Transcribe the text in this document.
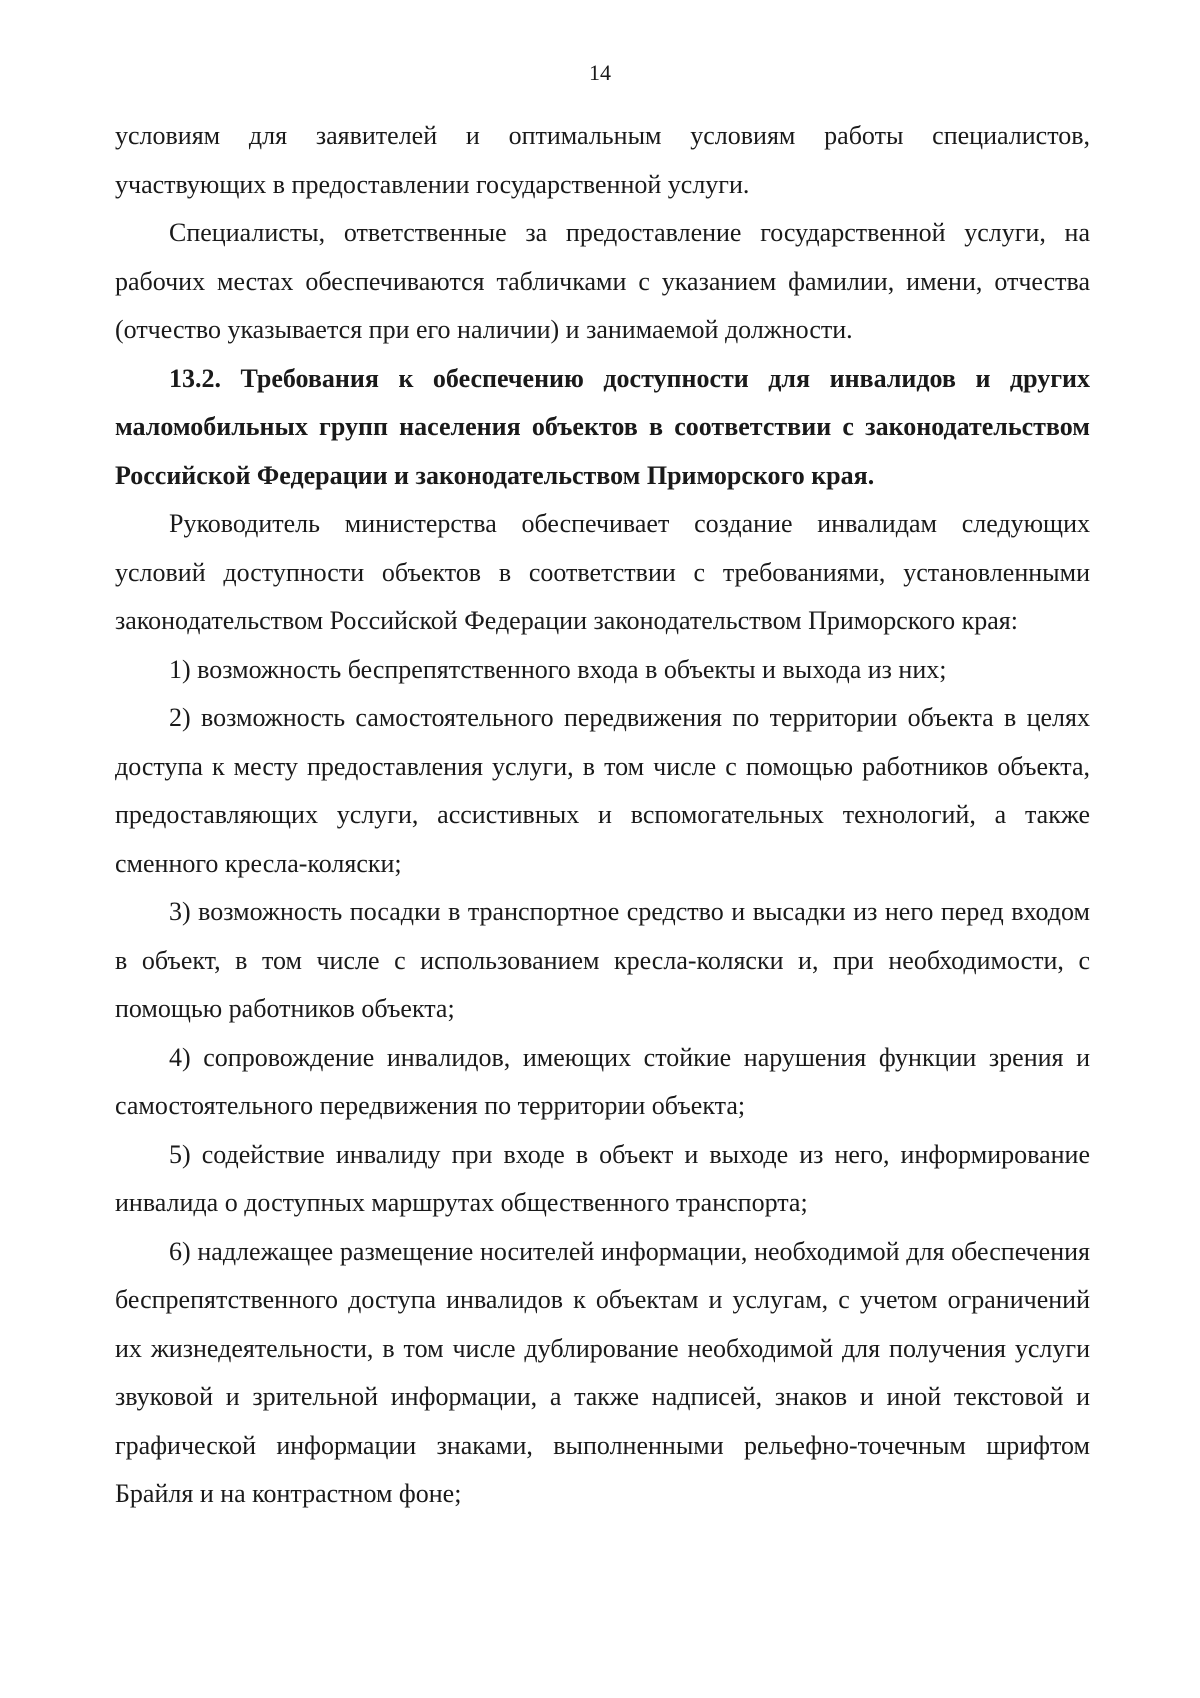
14

условиям для заявителей и оптимальным условиям работы специалистов, участвующих в предоставлении государственной услуги.

Специалисты, ответственные за предоставление государственной услуги, на рабочих местах обеспечиваются табличками с указанием фамилии, имени, отчества (отчество указывается при его наличии) и занимаемой должности.

13.2. Требования к обеспечению доступности для инвалидов и других маломобильных групп населения объектов в соответствии с законодательством Российской Федерации и законодательством Приморского края.

Руководитель министерства обеспечивает создание инвалидам следующих условий доступности объектов в соответствии с требованиями, установленными законодательством Российской Федерации законодательством Приморского края:

1) возможность беспрепятственного входа в объекты и выхода из них;

2) возможность самостоятельного передвижения по территории объекта в целях доступа к месту предоставления услуги, в том числе с помощью работников объекта, предоставляющих услуги, ассистивных и вспомогательных технологий, а также сменного кресла-коляски;

3) возможность посадки в транспортное средство и высадки из него перед входом в объект, в том числе с использованием кресла-коляски и, при необходимости, с помощью работников объекта;

4) сопровождение инвалидов, имеющих стойкие нарушения функции зрения и самостоятельного передвижения по территории объекта;

5) содействие инвалиду при входе в объект и выходе из него, информирование инвалида о доступных маршрутах общественного транспорта;

6) надлежащее размещение носителей информации, необходимой для обеспечения беспрепятственного доступа инвалидов к объектам и услугам, с учетом ограничений их жизнедеятельности, в том числе дублирование необходимой для получения услуги звуковой и зрительной информации, а также надписей, знаков и иной текстовой и графической информации знаками, выполненными рельефно-точечным шрифтом Брайля и на контрастном фоне;
